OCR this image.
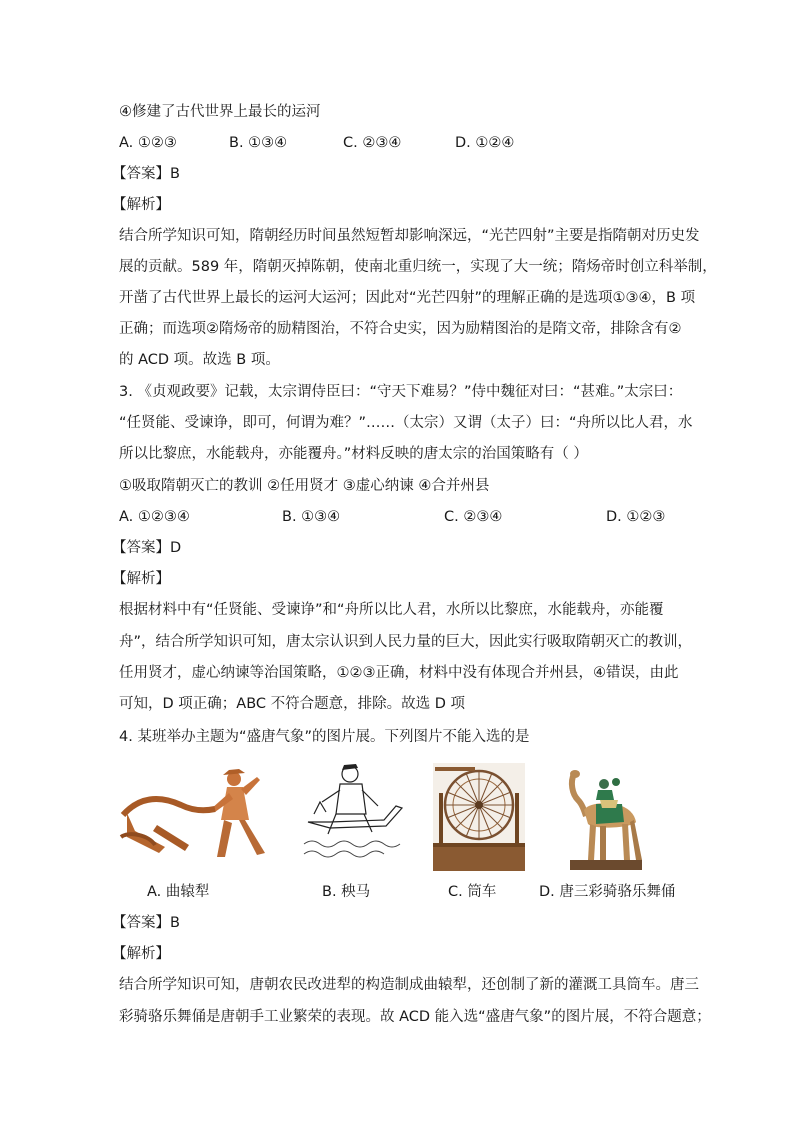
④修建了古代世界上最长的运河
A. ①②③	B. ①③④	C. ②③④	D. ①②④
【答案】B
【解析】
结合所学知识可知，隋朝经历时间虽然短暂却影响深远，“光芒四射”主要是指隋朝对历史发
展的贡献。589 年，隋朝灭掉陈朝，使南北重归统一，实现了大一统；隋炀帝时创立科举制，
开凿了古代世界上最长的运河大运河；因此对“光芒四射”的理解正确的是选项①③④，B 项
正确；而选项②隋炀帝的励精图治，不符合史实，因为励精图治的是隋文帝，排除含有②
的 ACD 项。故选 B 项。
3. 《贞观政要》记载，太宗谓侍臣曰：“守天下难易？”侍中魏征对曰：“甚难。”太宗曰：
“任贤能、受谏诤，即可，何谓为难？”……（太宗）又谓（太子）曰：“舟所以比人君，水
所以比黎庶，水能载舟，亦能覆舟。”材料反映的唐太宗的治国策略有（ ）
①吸取隋朝灭亡的教训 ②任用贤才 ③虚心纳谏 ④合并州县
A. ①②③④	B. ①③④	C. ②③④	D. ①②③
【答案】D
【解析】
根据材料中有“任贤能、受谏诤”和“舟所以比人君，水所以比黎庶，水能载舟，亦能覆
舟”，结合所学知识可知，唐太宗认识到人民力量的巨大，因此实行吸取隋朝灭亡的教训，
任用贤才，虚心纳谏等治国策略，①②③正确，材料中没有体现合并州县，④错误，由此
可知，D 项正确；ABC 不符合题意，排除。故选 D 项
4. 某班举办主题为“盛唐气象”的图片展。下列图片不能入选的是
A. 曲辕犁	B. 秧马	C. 筒车	D. 唐三彩骑骆乐舞俑
【答案】B
【解析】
结合所学知识可知，唐朝农民改进犁的构造制成曲辕犁，还创制了新的灌溉工具筒车。唐三
彩骑骆乐舞俑是唐朝手工业繁荣的表现。故 ACD 能入选“盛唐气象”的图片展，不符合题意；
